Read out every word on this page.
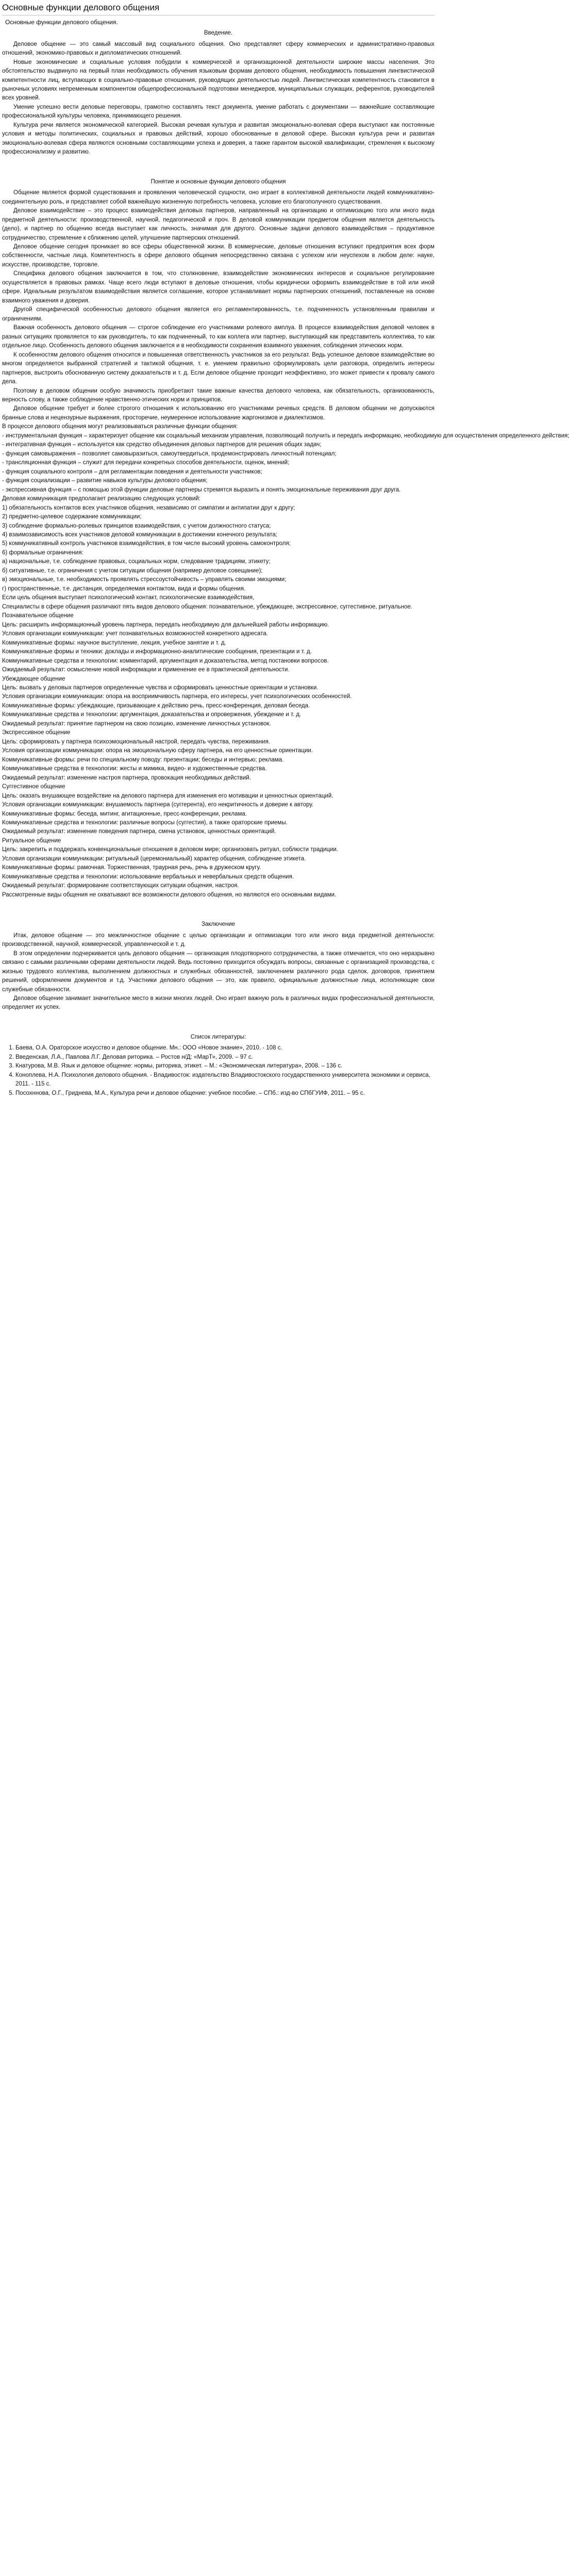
Основные функции делового общения
Основные функции делового общения.
Введение.

Деловое общение — это самый массовый вид социального общения. Оно представляет сферу коммерческих и административно-правовых отношений, экономико-правовых и дипломатических отношений.

Новые экономические и социальные условия побудили к коммерческой и организационной деятельности широкие массы населения. Это обстоятельство выдвинуло на первый план необходимость обучения языковым формам делового общения, необходимость повышения лингвистической компетентности лиц, вступающих в социально-правовые отношения, руководящих деятельностью людей. Лингвистическая компетентность становится в рыночных условиях непременным компонентом общепрофессиональной подготовки менеджеров, муниципальных служащих, референтов, руководителей всех уровней.

Умение успешно вести деловые переговоры, грамотно составлять текст документа, умение работать с документами — важнейшие составляющие профессиональной культуры человека, принимающего решения.

Культура речи является экономической категорией. Высокая речевая культура и развитая эмоционально-волевая сфера выступают как постоянные условия и методы политических, социальных и правовых действий, хорошо обоснованные в деловой сфере. Высокая культура речи и развитая эмоционально-волевая сфера являются основными составляющими успеха и доверия, а также гарантом высокой квалификации, стремления к высокому профессионализму и развитию.

Понятие и основные функции делового общения

Общение является формой существования и проявления человеческой сущности, оно играет в коллективной деятельности людей коммуникативно-соединительную роль, и представляет собой важнейшую жизненную потребность человека, условие его благополучного существования.

Деловое взаимодействие – это процесс взаимодействия деловых партнеров, направленный на организацию и оптимизацию того или иного вида предметной деятельности: производственной, научной, педагогической и проч. В деловой коммуникации предметом общения является деятельность (дело), и партнер по общению всегда выступает как личность, значимая для другого. Основные задачи делового взаимодействия – продуктивное сотрудничество, стремление к сближению целей, улучшение партнерских отношений.

Деловое общение сегодня проникает во все сферы общественной жизни. В коммерческие, деловые отношения вступают предприятия всех форм собственности, частные лица. Компетентность в сфере делового общения непосредственно связана с успехом или неуспехом в любом деле: науке, искусстве, производстве, торговле.

Специфика делового общения заключается в том, что столкновение, взаимодействие экономических интересов и социальное регулирование осуществляется в правовых рамках. Чаще всего люди вступают в деловые отношения, чтобы юридически оформить взаимодействие в той или иной сфере. Идеальным результатом взаимодействия является соглашение, которое устанавливает нормы партнерских отношений, поставленные на основе взаимного уважения и доверия.

Другой специфической особенностью делового общения является его регламентированность, т.е. подчиненность установленным правилам и ограничениям.

Важная особенность делового общения — строгое соблюдение его участниками ролевого амплуа. В процессе взаимодействия деловой человек в разных ситуациях проявляется то как руководитель, то как подчиненный, то как коллега или партнер, выступающий как представитель коллектива, то как отдельное лицо. Особенность делового общения заключается и в необходимости сохранения взаимного уважения, соблюдения этических норм.

К особенностям делового общения относится и повышенная ответственность участников за его результат. Ведь успешное деловое взаимодействие во многом определяется выбранной стратегией и тактикой общения, т. е. умением правильно сформулировать цели разговора, определить интересы партнеров, выстроить обоснованную систему доказательств и т. д. Если деловое общение проходит неэффективно, это может привести к провалу самого дела.

Поэтому в деловом общении особую значимость приобретают такие важные качества делового человека, как обязательность, организованность, верность слову, а также соблюдение нравственно-этических норм и принципов.

Деловое общение требует и более строгого отношения к использованию его участниками речевых средств. В деловом общении не допускаются бранные слова и нецензурные выражения, просторечие, неумеренное использование жаргонизмов и диалектизмов.

В процессе делового общения могут реализовываться различные функции общения:
- инструментальная функция – характеризует общение как социальный механизм управления, позволяющий получить и передать информацию, необходимую для осуществления определенного действия;
- интегративная функция – используется как средство объединения деловых партнеров для решения общих задач;
- функция самовыражения – позволяет самовыразиться, самоутвердиться, продемонстрировать личностный потенциал;
- трансляционная функция – служит для передачи конкретных способов деятельности, оценок, мнений;
- функция социального контроля – для регламентации поведения и деятельности участников;
- функция социализации – развитие навыков культуры делового общения;
- экспрессивная функция – с помощью этой функции деловые партнеры стремятся выразить и понять эмоциональные переживания друг друга.
Деловая коммуникация предполагает реализацию следующих условий:
1) обязательность контактов всех участников общения, независимо от симпатии и антипатии друг к другу;
2) предметно-целевое содержание коммуникации;
3) соблюдение формально-ролевых принципов взаимодействия, с учетом должностного статуса;
4) взаимозависимость всех участников деловой коммуникации в достижении конечного результата;
5) коммуникативный контроль участников взаимодействия, в том числе высокий уровень самоконтроля;
6) формальные ограничения:
а) национальные, т.е. соблюдение правовых, социальных норм, следование традициям, этикету;
б) ситуативные, т.е. ограничения с учетом ситуации общения (например деловое совещание);
в) эмоциональные, т.е. необходимость проявлять стрессоустойчивость – управлять своими эмоциями;
г) пространственные, т.е. дистанция, определяемая контактом, вида и формы общения.
Если цель общения выступает психологический контакт, психологические взаимодействия,
Специалисты в сфере общения различают пять видов делового общения: познавательное, убеждающее, экспрессивное, суггестивное, ритуальное.
Познавательное общение
Цель: расширить информационный уровень партнера, передать необходимую для дальнейшей работы информацию.
Условия организации коммуникации: учет познавательных возможностей конкретного адресата.
Коммуникативные формы: научное выступление, лекция, учебное занятие и т. д.
Коммуникативные формы и техники: доклады и информационно-аналитические сообщения, презентации и т. д.
Коммуникативные средства и технологии: комментарий, аргументация и доказательства, метод постановки вопросов.
Ожидаемый результат: осмысление новой информации и применение ее в практической деятельности.
Убеждающее общение
Цель: вызвать у деловых партнеров определенные чувства и сформировать ценностные ориентации и установки.
Условия организации коммуникации: опора на восприимчивость партнера, его интересы, учет психологических особенностей.
Коммуникативные формы: убеждающие, призывающие к действию речь, пресс-конференция, деловая беседа.
Коммуникативные средства и технологии: аргументация, доказательства и опровержения, убеждение и т. д.
Ожидаемый результат: принятие партнером на свою позицию, изменение личностных установок.
Экспрессивное общение
Цель: сформировать у партнера психоэмоциональный настрой, передать чувства, переживания.
Условия организации коммуникации: опора на эмоциональную сферу партнера, на его ценностные ориентации.
Коммуникативные формы: речи по специальному поводу: презентации; беседы и интервью; реклама.
Коммуникативные средства в технологии: жесты и мимика, видео- и художественные средства.
Ожидаемый результат: изменение настроя партнера, провокация необходимых действий.
Суггестивное общение
Цель: оказать внушающее воздействие на делового партнера для изменения его мотивации и ценностных ориентаций.
Условия организации коммуникации: внушаемость партнера (суггерента), его некритичность и доверие к автору.
Коммуникативные формы: беседа, митинг, агитационные, пресс-конференции, реклама.
Коммуникативные средства и технологии: различные вопросы (суггестия), а также ораторские приемы.
Ожидаемый результат: изменение поведения партнера, смена установок, ценностных ориентаций.
Ритуальное общение
Цель: закрепить и поддержать конвенциональные отношения в деловом мире; организовать ритуал, соблюсти традиции.
Условия организации коммуникации: ритуальный (церемониальный) характер общения, соблюдение этикета.
Коммуникативные формы: рамочная. Торжественная, траурная речь, речь в дружеском кругу.
Коммуникативные средства и технологии: использование вербальных и невербальных средств общения.
Ожидаемый результат: формирование соответствующих ситуации общения, настроя.
Рассмотренные виды общения не охватывают все возможности делового общения, но являются его основными видами.
Заключение

Итак, деловое общение — это межличностное общение с целью организации и оптимизации того или иного вида предметной деятельности: производственной, научной, коммерческой, управленческой и т. д.

В этом определении подчеркивается цель делового общения — организация плодотворного сотрудничества, а также отмечается, что оно неразрывно связано с самыми различными сферами деятельности людей. Ведь постоянно приходится обсуждать вопросы, связанные с организацией производства, с жизнью трудового коллектива, выполнением должностных и служебных обязанностей, заключением различного рода сделок, договоров, принятием решений, оформлением документов и т.д. Участники делового общения — это, как правило, официальные должностные лица, исполняющие свои служебные обязанности.

Деловое общение занимает значительное место в жизни многих людей. Оно играет важную роль в различных видах профессиональной деятельности, определяет их успех.

Список литературы:
1. Баева, О.А. Ораторское искусство и деловое общение. Мн.: ООО «Новое знание», 2010. - 108 с.
2. Введенская, Л.А., Павлова Л.Г. Деловая риторика. – Ростов н/Д: «МарТ», 2009. – 97 с.
3. Кнатурова, М.В. Язык и деловое общение: нормы, риторика, этикет. – М.: «Экономическая литература», 2008. – 136 с.
4. Коноплева, Н.А. Психология делового общения. - Владивосток: издательство Владивостокского государственного университета экономики и сервиса, 2011. - 115 с.
5. Посохннова, О.Г., Гриднева, М.А., Культура речи и деловое общение: учебное пособие. – СПб.: изд-во СПбГУИФ, 2011. – 95 с.
